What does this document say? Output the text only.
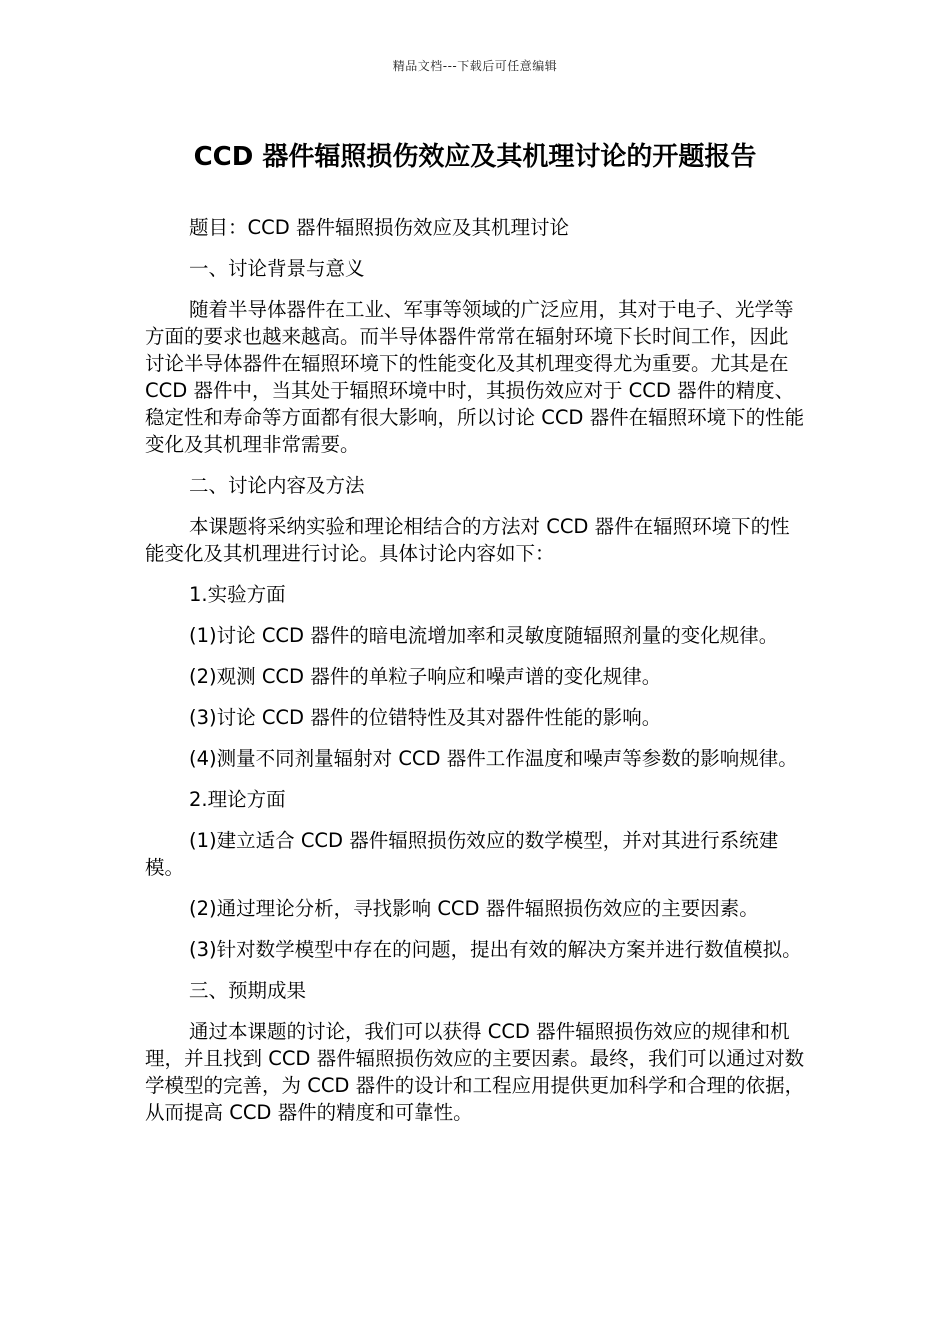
精品文档---下载后可任意编辑
CCD 器件辐照损伤效应及其机理讨论的开题报告

题目：CCD 器件辐照损伤效应及其机理讨论

一、讨论背景与意义

随着半导体器件在工业、军事等领域的广泛应用，其对于电子、光学等方面的要求也越来越高。而半导体器件常常在辐射环境下长时间工作，因此讨论半导体器件在辐照环境下的性能变化及其机理变得尤为重要。尤其是在 CCD 器件中，当其处于辐照环境中时，其损伤效应对于 CCD 器件的精度、稳定性和寿命等方面都有很大影响，所以讨论 CCD 器件在辐照环境下的性能变化及其机理非常需要。

二、讨论内容及方法

本课题将采纳实验和理论相结合的方法对 CCD 器件在辐照环境下的性能变化及其机理进行讨论。具体讨论内容如下：

1.实验方面

(1)讨论 CCD 器件的暗电流增加率和灵敏度随辐照剂量的变化规律。

(2)观测 CCD 器件的单粒子响应和噪声谱的变化规律。

(3)讨论 CCD 器件的位错特性及其对器件性能的影响。

(4)测量不同剂量辐射对 CCD 器件工作温度和噪声等参数的影响规律。

2.理论方面

(1)建立适合 CCD 器件辐照损伤效应的数学模型，并对其进行系统建模。

(2)通过理论分析，寻找影响 CCD 器件辐照损伤效应的主要因素。

(3)针对数学模型中存在的问题，提出有效的解决方案并进行数值模拟。

三、预期成果

通过本课题的讨论，我们可以获得 CCD 器件辐照损伤效应的规律和机理，并且找到 CCD 器件辐照损伤效应的主要因素。最终，我们可以通过对数学模型的完善，为 CCD 器件的设计和工程应用提供更加科学和合理的依据，从而提高 CCD 器件的精度和可靠性。
